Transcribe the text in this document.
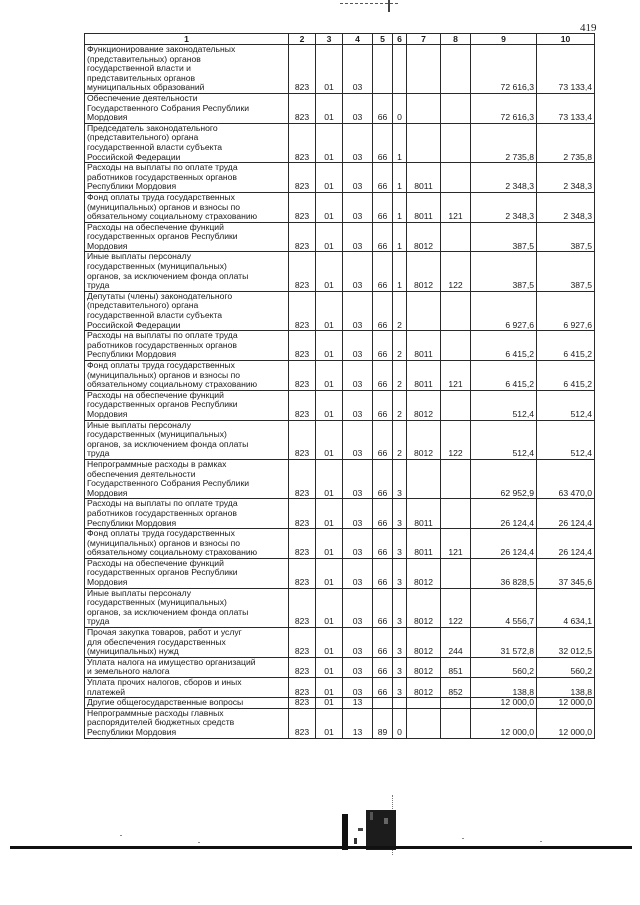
419
1	2	3	4	5	6	7	8	9	10
Функционирование законодательных
(представительных) органов
государственной власти и
представительных органов
муниципальных образований	823	01	03					72 616,3	73 133,4
Обеспечение деятельности
Государственного Собрания Республики
Мордовия	823	01	03	66	0			72 616,3	73 133,4
Председатель законодательного
(представительного) органа
государственной власти субъекта
Российской Федерации	823	01	03	66	1			2 735,8	2 735,8
Расходы на выплаты по оплате труда
работников государственных органов
Республики Мордовия	823	01	03	66	1	8011		2 348,3	2 348,3
Фонд оплаты труда государственных
(муниципальных) органов и взносы по
обязательному социальному страхованию	823	01	03	66	1	8011	121	2 348,3	2 348,3
Расходы на обеспечение функций
государственных органов Республики
Мордовия	823	01	03	66	1	8012		387,5	387,5
Иные выплаты персоналу
государственных (муниципальных)
органов, за исключением фонда оплаты
труда	823	01	03	66	1	8012	122	387,5	387,5
Депутаты (члены) законодательного
(представительного) органа
государственной власти субъекта
Российской Федерации	823	01	03	66	2			6 927,6	6 927,6
Расходы на выплаты по оплате труда
работников государственных органов
Республики Мордовия	823	01	03	66	2	8011		6 415,2	6 415,2
Фонд оплаты труда государственных
(муниципальных) органов и взносы по
обязательному социальному страхованию	823	01	03	66	2	8011	121	6 415,2	6 415,2
Расходы на обеспечение функций
государственных органов Республики
Мордовия	823	01	03	66	2	8012		512,4	512,4
Иные выплаты персоналу
государственных (муниципальных)
органов, за исключением фонда оплаты
труда	823	01	03	66	2	8012	122	512,4	512,4
Непрограммные расходы в рамках
обеспечения деятельности
Государственного Собрания Республики
Мордовия	823	01	03	66	3			62 952,9	63 470,0
Расходы на выплаты по оплате труда
работников государственных органов
Республики Мордовия	823	01	03	66	3	8011		26 124,4	26 124,4
Фонд оплаты труда государственных
(муниципальных) органов и взносы по
обязательному социальному страхованию	823	01	03	66	3	8011	121	26 124,4	26 124,4
Расходы на обеспечение функций
государственных органов Республики
Мордовия	823	01	03	66	3	8012		36 828,5	37 345,6
Иные выплаты персоналу
государственных (муниципальных)
органов, за исключением фонда оплаты
труда	823	01	03	66	3	8012	122	4 556,7	4 634,1
Прочая закупка товаров, работ и услуг
для обеспечения государственных
(муниципальных) нужд	823	01	03	66	3	8012	244	31 572,8	32 012,5
Уплата налога на имущество организаций
и земельного налога	823	01	03	66	3	8012	851	560,2	560,2
Уплата прочих налогов, сборов и иных
платежей	823	01	03	66	3	8012	852	138,8	138,8
Другие общегосударственные вопросы	823	01	13					12 000,0	12 000,0
Непрограммные расходы главных
распорядителей бюджетных средств
Республики Мордовия	823	01	13	89	0			12 000,0	12 000,0
